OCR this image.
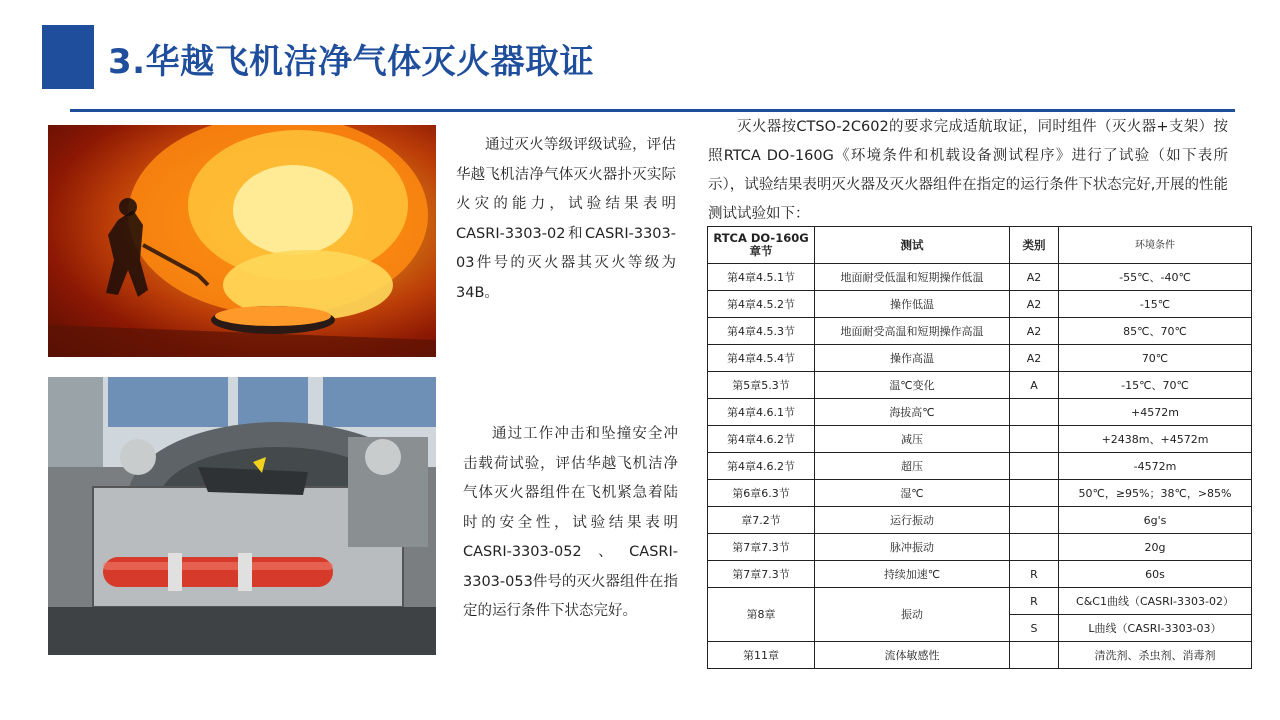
3.华越飞机洁净气体灭火器取证
通过灭火等级评级试验，评估华越飞机洁净气体灭火器扑灭实际火灾的能力，试验结果表明CASRI-3303-02和CASRI-3303-03件号的灭火器其灭火等级为34B。
通过工作冲击和坠撞安全冲击载荷试验，评估华越飞机洁净气体灭火器组件在飞机紧急着陆时的安全性，试验结果表明CASRI-3303-052、CASRI-3303-053件号的灭火器组件在指定的运行条件下状态完好。
灭火器按CTSO-2C602的要求完成适航取证，同时组件（灭火器+支架）按照RTCA DO-160G《环境条件和机载设备测试程序》进行了试验（如下表所示），试验结果表明灭火器及灭火器组件在指定的运行条件下状态完好,开展的性能测试试验如下：
RTCA DO-160G
章节	测试	类别	环境条件
第4章4.5.1节	地面耐受低温和短期操作低温	A2	-55℃、-40℃
第4章4.5.2节	操作低温	A2	-15℃
第4章4.5.3节	地面耐受高温和短期操作高温	A2	85℃、70℃
第4章4.5.4节	操作高温	A2	70℃
第5章5.3节	温℃变化	A	-15℃、70℃
第4章4.6.1节	海拔高℃		+4572m
第4章4.6.2节	减压		+2438m、+4572m
第4章4.6.2节	超压		-4572m
第6章6.3节	湿℃		50℃，≥95%；38℃，>85%
章7.2节	运行振动		6g's
第7章7.3节	脉冲振动		20g
第7章7.3节	持续加速℃	R	60s
第8章	振动	R	C&C1曲线（CASRI-3303-02）
		S	L曲线（CASRI-3303-03）
第11章	流体敏感性		清洗剂、杀虫剂、消毒剂
